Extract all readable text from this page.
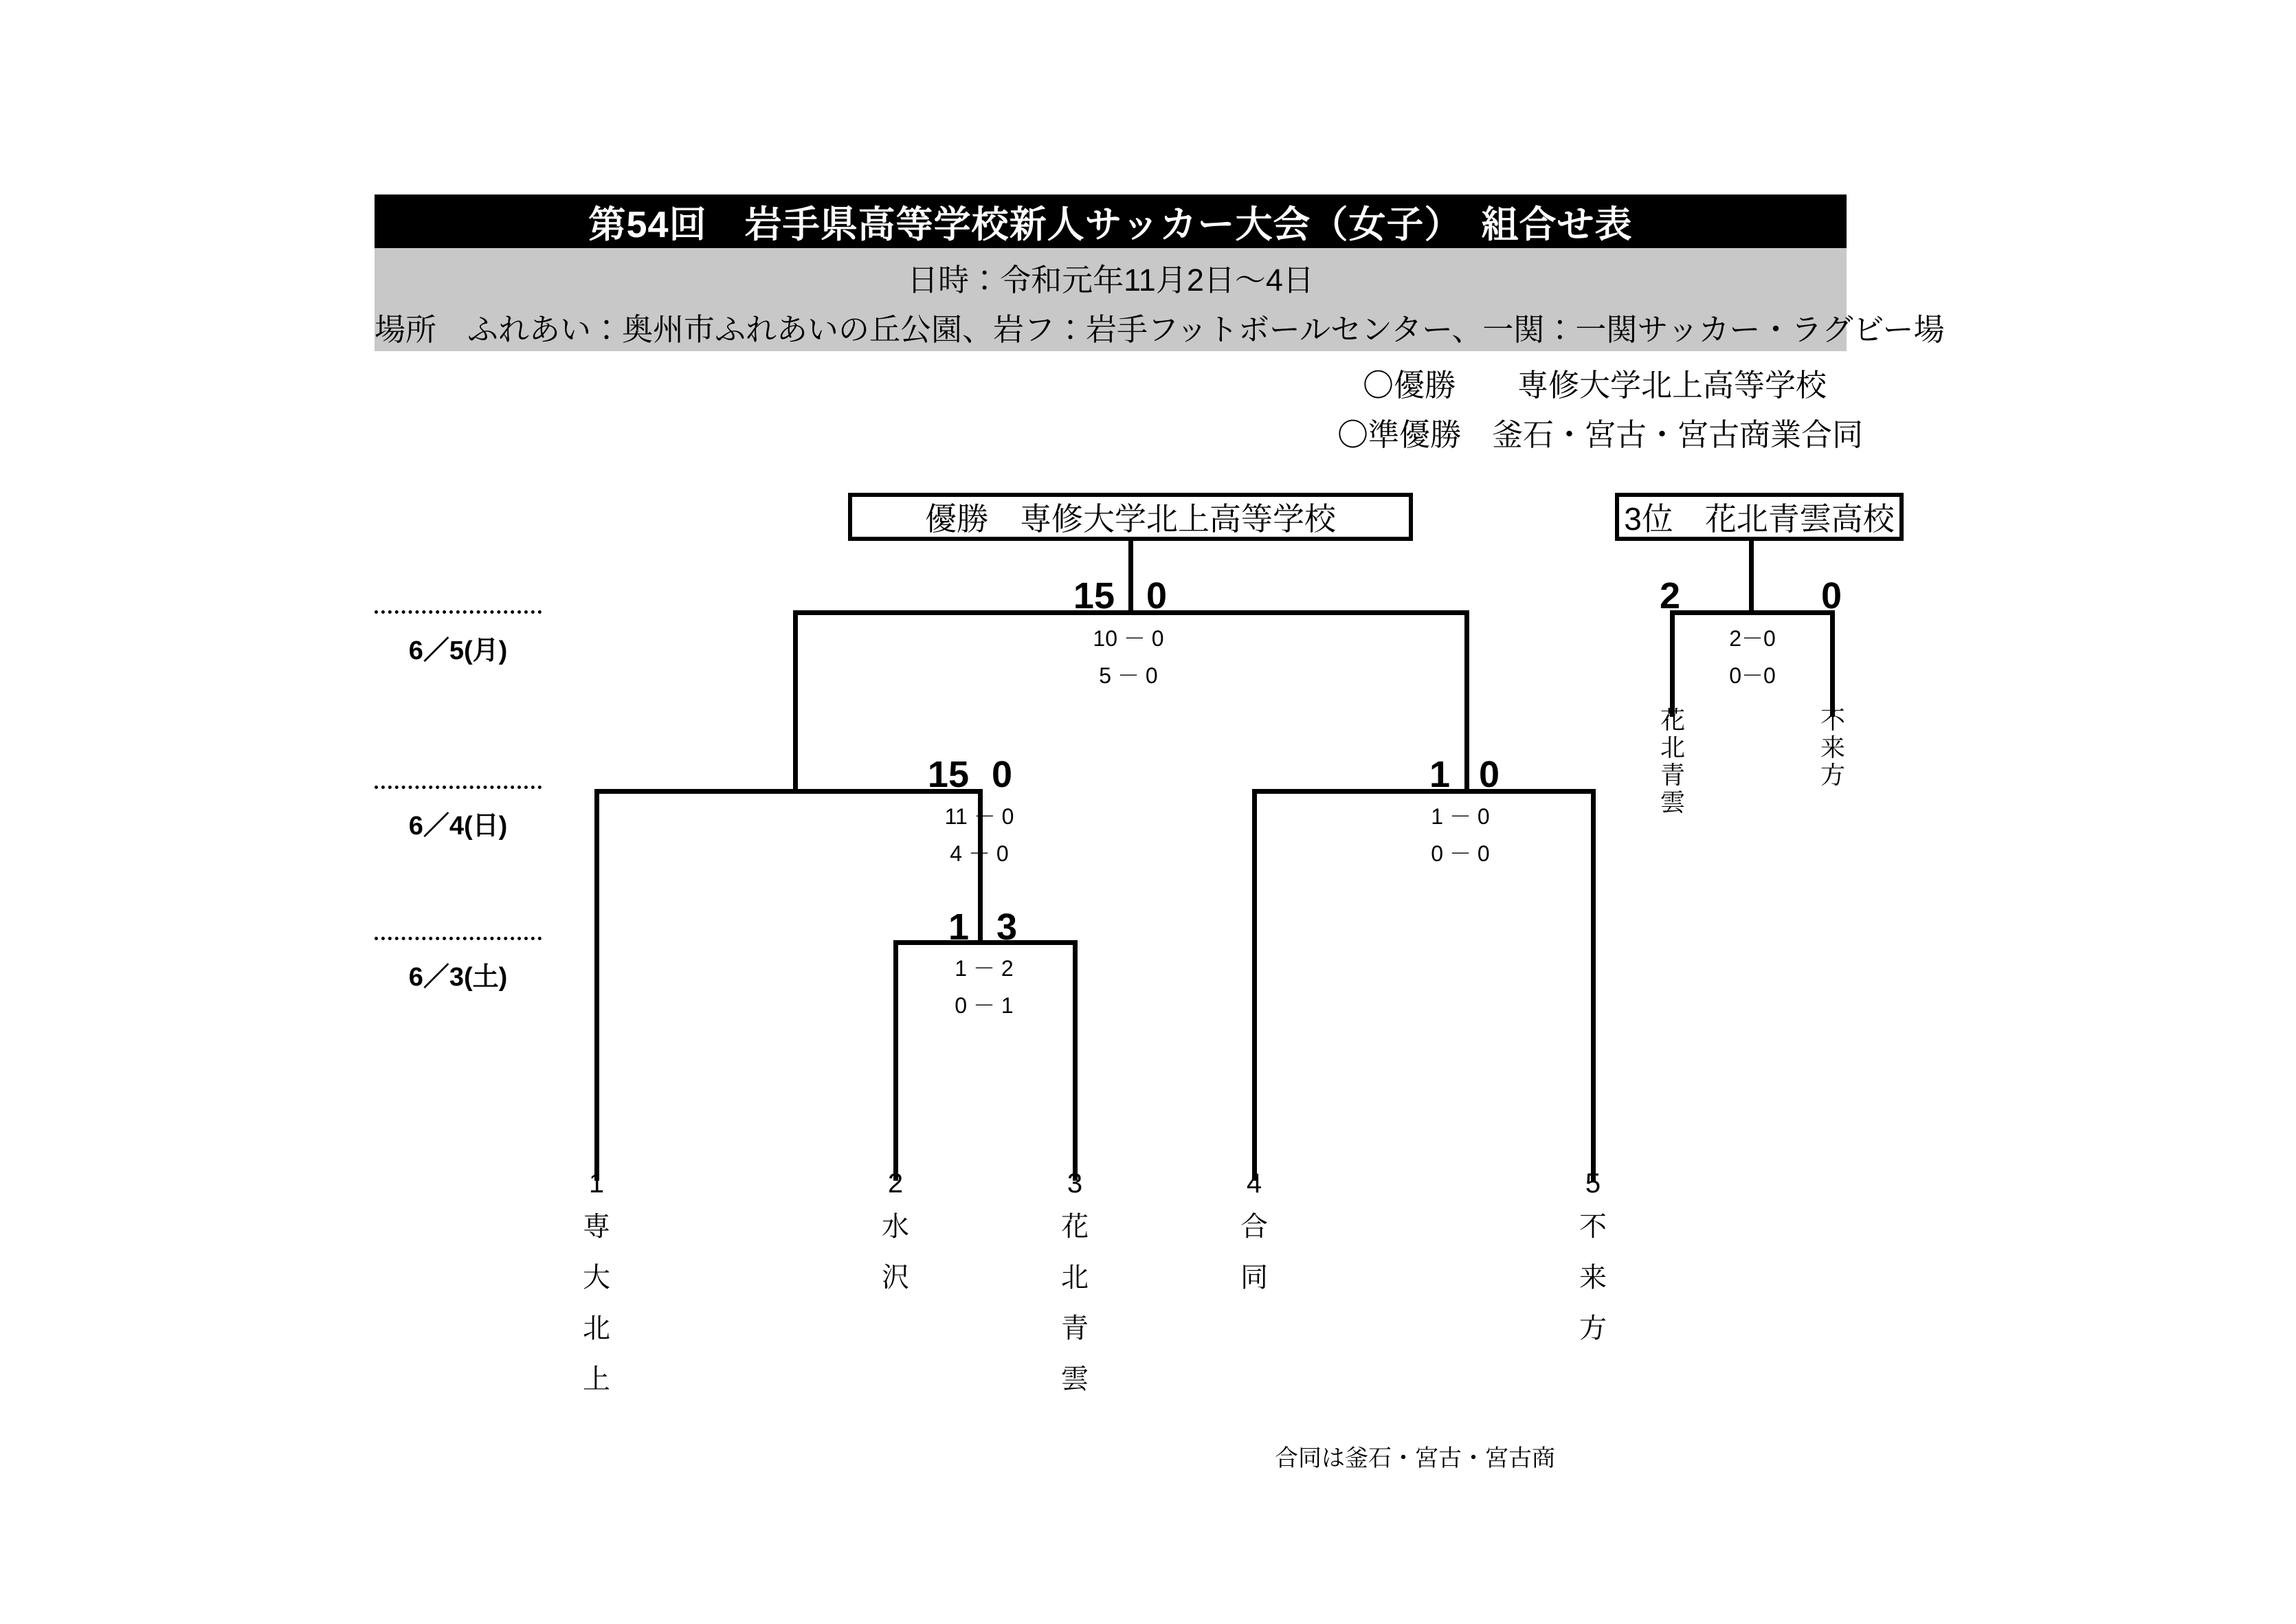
第54回　岩手県高等学校新人サッカー大会（女子）　組合せ表
日時：令和元年11月2日〜4日
場所　ふれあい：奥州市ふれあいの丘公園、岩フ：岩手フットボールセンター、一関：一関サッカー・ラグビー場
〇優勝　　専修大学北上高等学校
〇準優勝　釜石・宮古・宮古商業合同
優勝　専修大学北上高等学校	3位　花北青雲高校
6／5(月)
6／4(日)
6／3(土)
15 0
10 － 0
5 － 0
15 0
11 － 0
4 － 0
1 0
1 － 0
0 － 0
1 3
1 － 2
0 － 1
2	0
2－0
0－0
1
専大北上
2
水沢
3
花北青雲
4
合同
5
不来方
花北青雲
不来方
合同は釜石・宮古・宮古商
